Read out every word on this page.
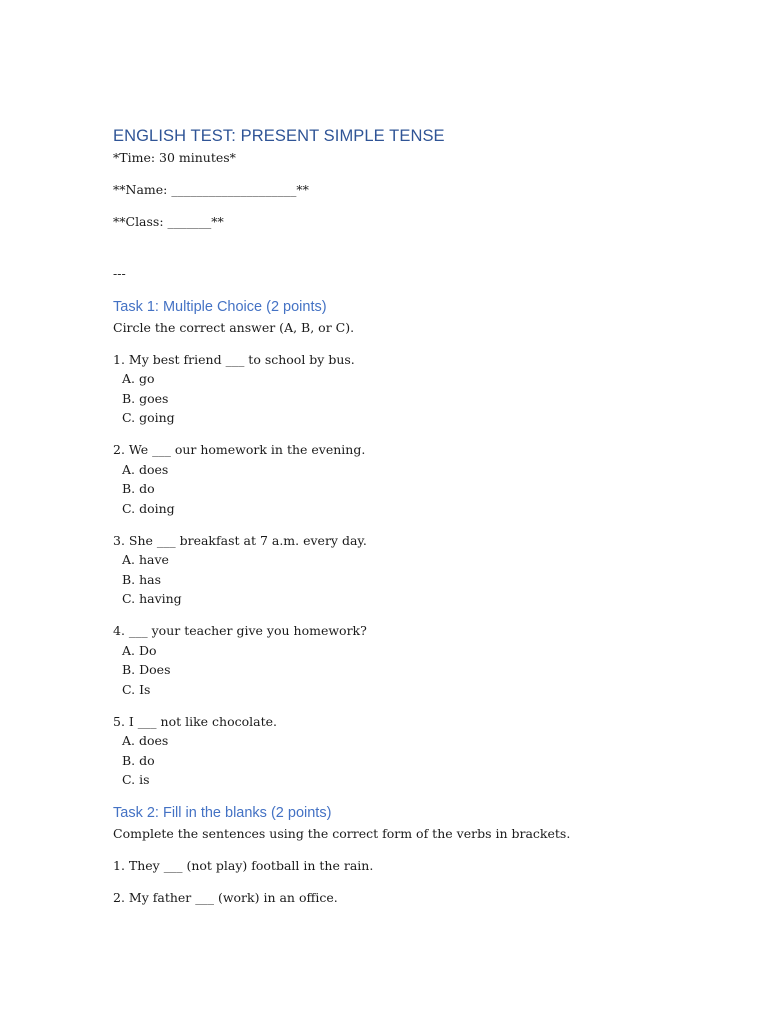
ENGLISH TEST: PRESENT SIMPLE TENSE

*Time: 30 minutes*

**Name: ____________________**

**Class: _______**

---

Task 1: Multiple Choice (2 points)

Circle the correct answer (A, B, or C).

1. My best friend ___ to school by bus.

A. go

B. goes

C. going

2. We ___ our homework in the evening.

A. does

B. do

C. doing

3. She ___ breakfast at 7 a.m. every day.

A. have

B. has

C. having

4. ___ your teacher give you homework?

A. Do

B. Does

C. Is

5. I ___ not like chocolate.

A. does

B. do

C. is

Task 2: Fill in the blanks (2 points)

Complete the sentences using the correct form of the verbs in brackets.

1. They ___ (not play) football in the rain.

2. My father ___ (work) in an office.
